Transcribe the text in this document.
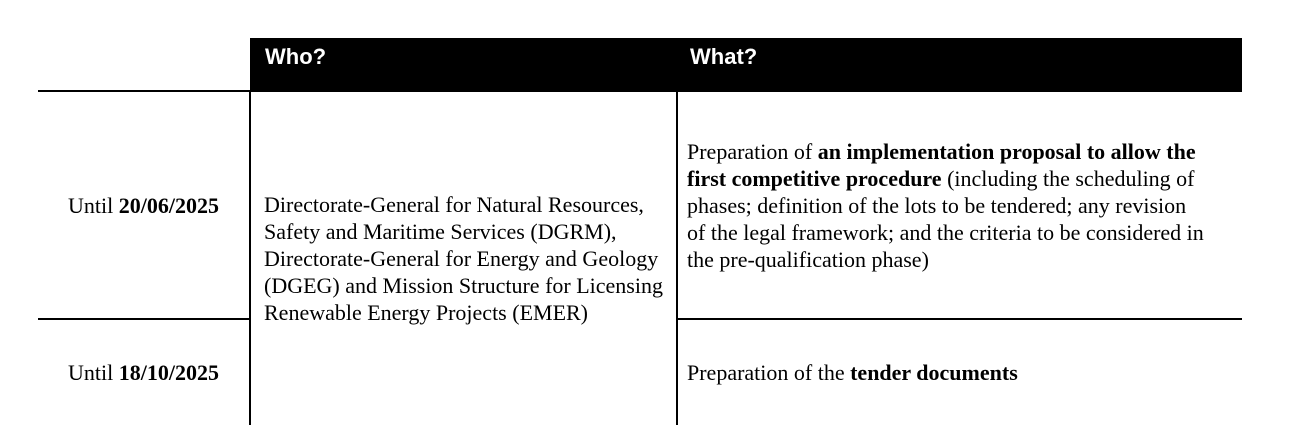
Who?	What?
Until 20/06/2025
Until 18/10/2025
Directorate-General for Natural Resources, Safety and Maritime Services (DGRM), Directorate-General for Energy and Geology (DGEG) and Mission Structure for Licensing Renewable Energy Projects (EMER)
Preparation of an implementation proposal to allow the first competitive procedure (including the scheduling of phases; definition of the lots to be tendered; any revision of the legal framework; and the criteria to be considered in the pre-qualification phase)
Preparation of the tender documents
